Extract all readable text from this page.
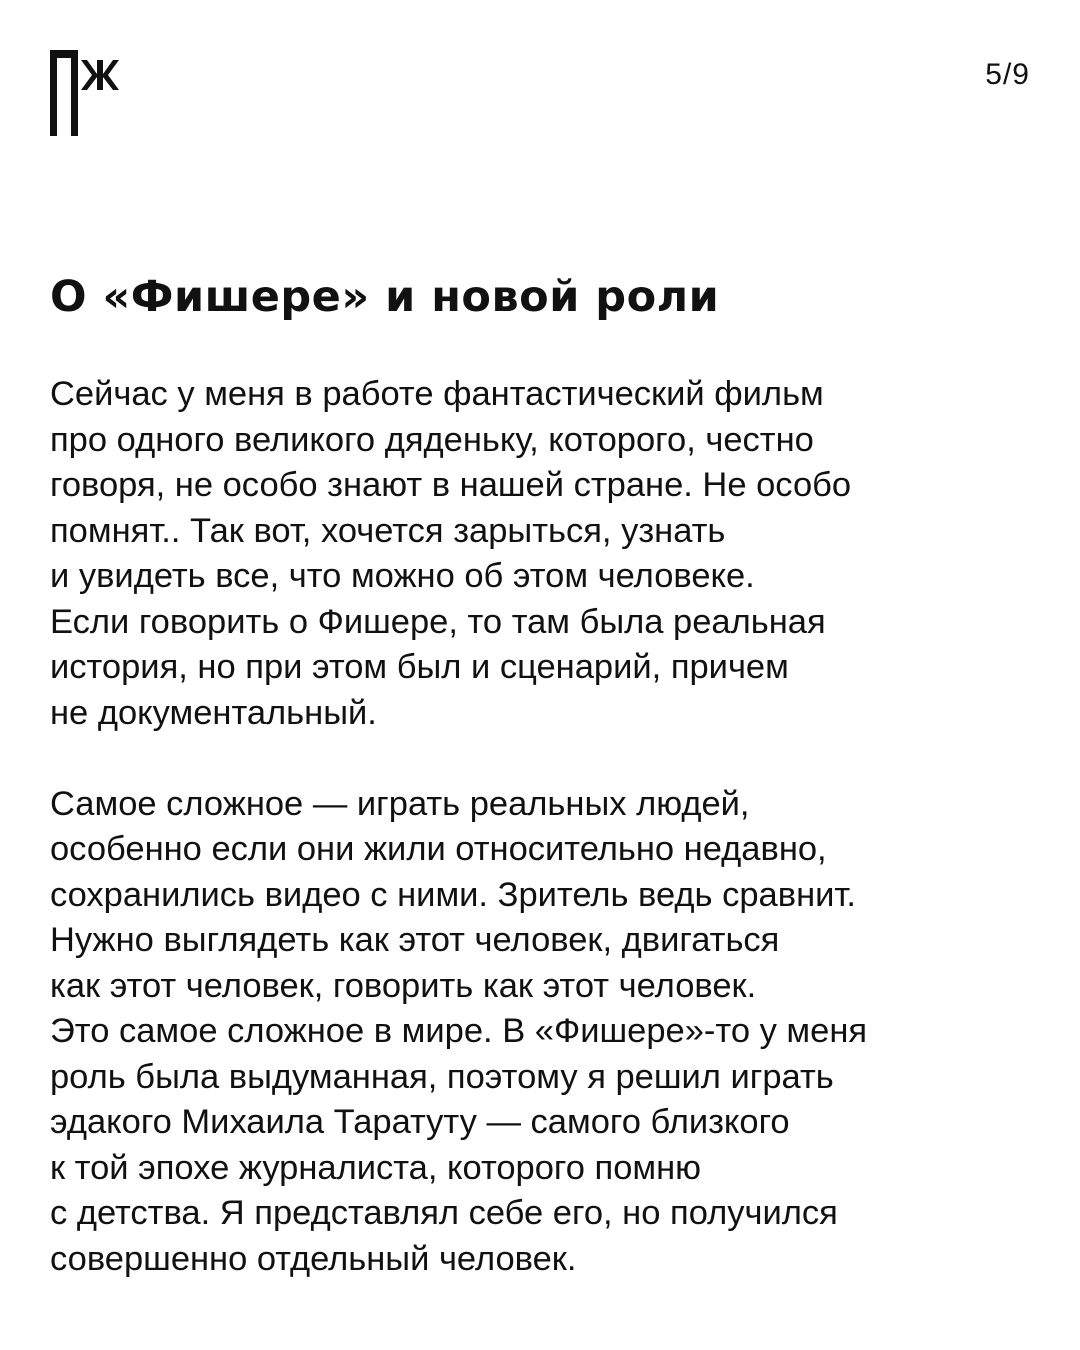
5/9
О «Фишере» и новой роли

Сейчас у меня в работе фантастический фильм
про одного великого дяденьку, которого, честно
говоря, не особо знают в нашей стране. Не особо
помнят.. Так вот, хочется зарыться, узнать
и увидеть все, что можно об этом человеке.
Если говорить о Фишере, то там была реальная
история, но при этом был и сценарий, причем
не документальный.

Самое сложное — играть реальных людей,
особенно если они жили относительно недавно,
сохранились видео с ними. Зритель ведь сравнит.
Нужно выглядеть как этот человек, двигаться
как этот человек, говорить как этот человек.
Это самое сложное в мире. В «Фишере»-то у меня
роль была выдуманная, поэтому я решил играть
эдакого Михаила Таратуту — самого близкого
к той эпохе журналиста, которого помню
с детства. Я представлял себе его, но получился
совершенно отдельный человек.
